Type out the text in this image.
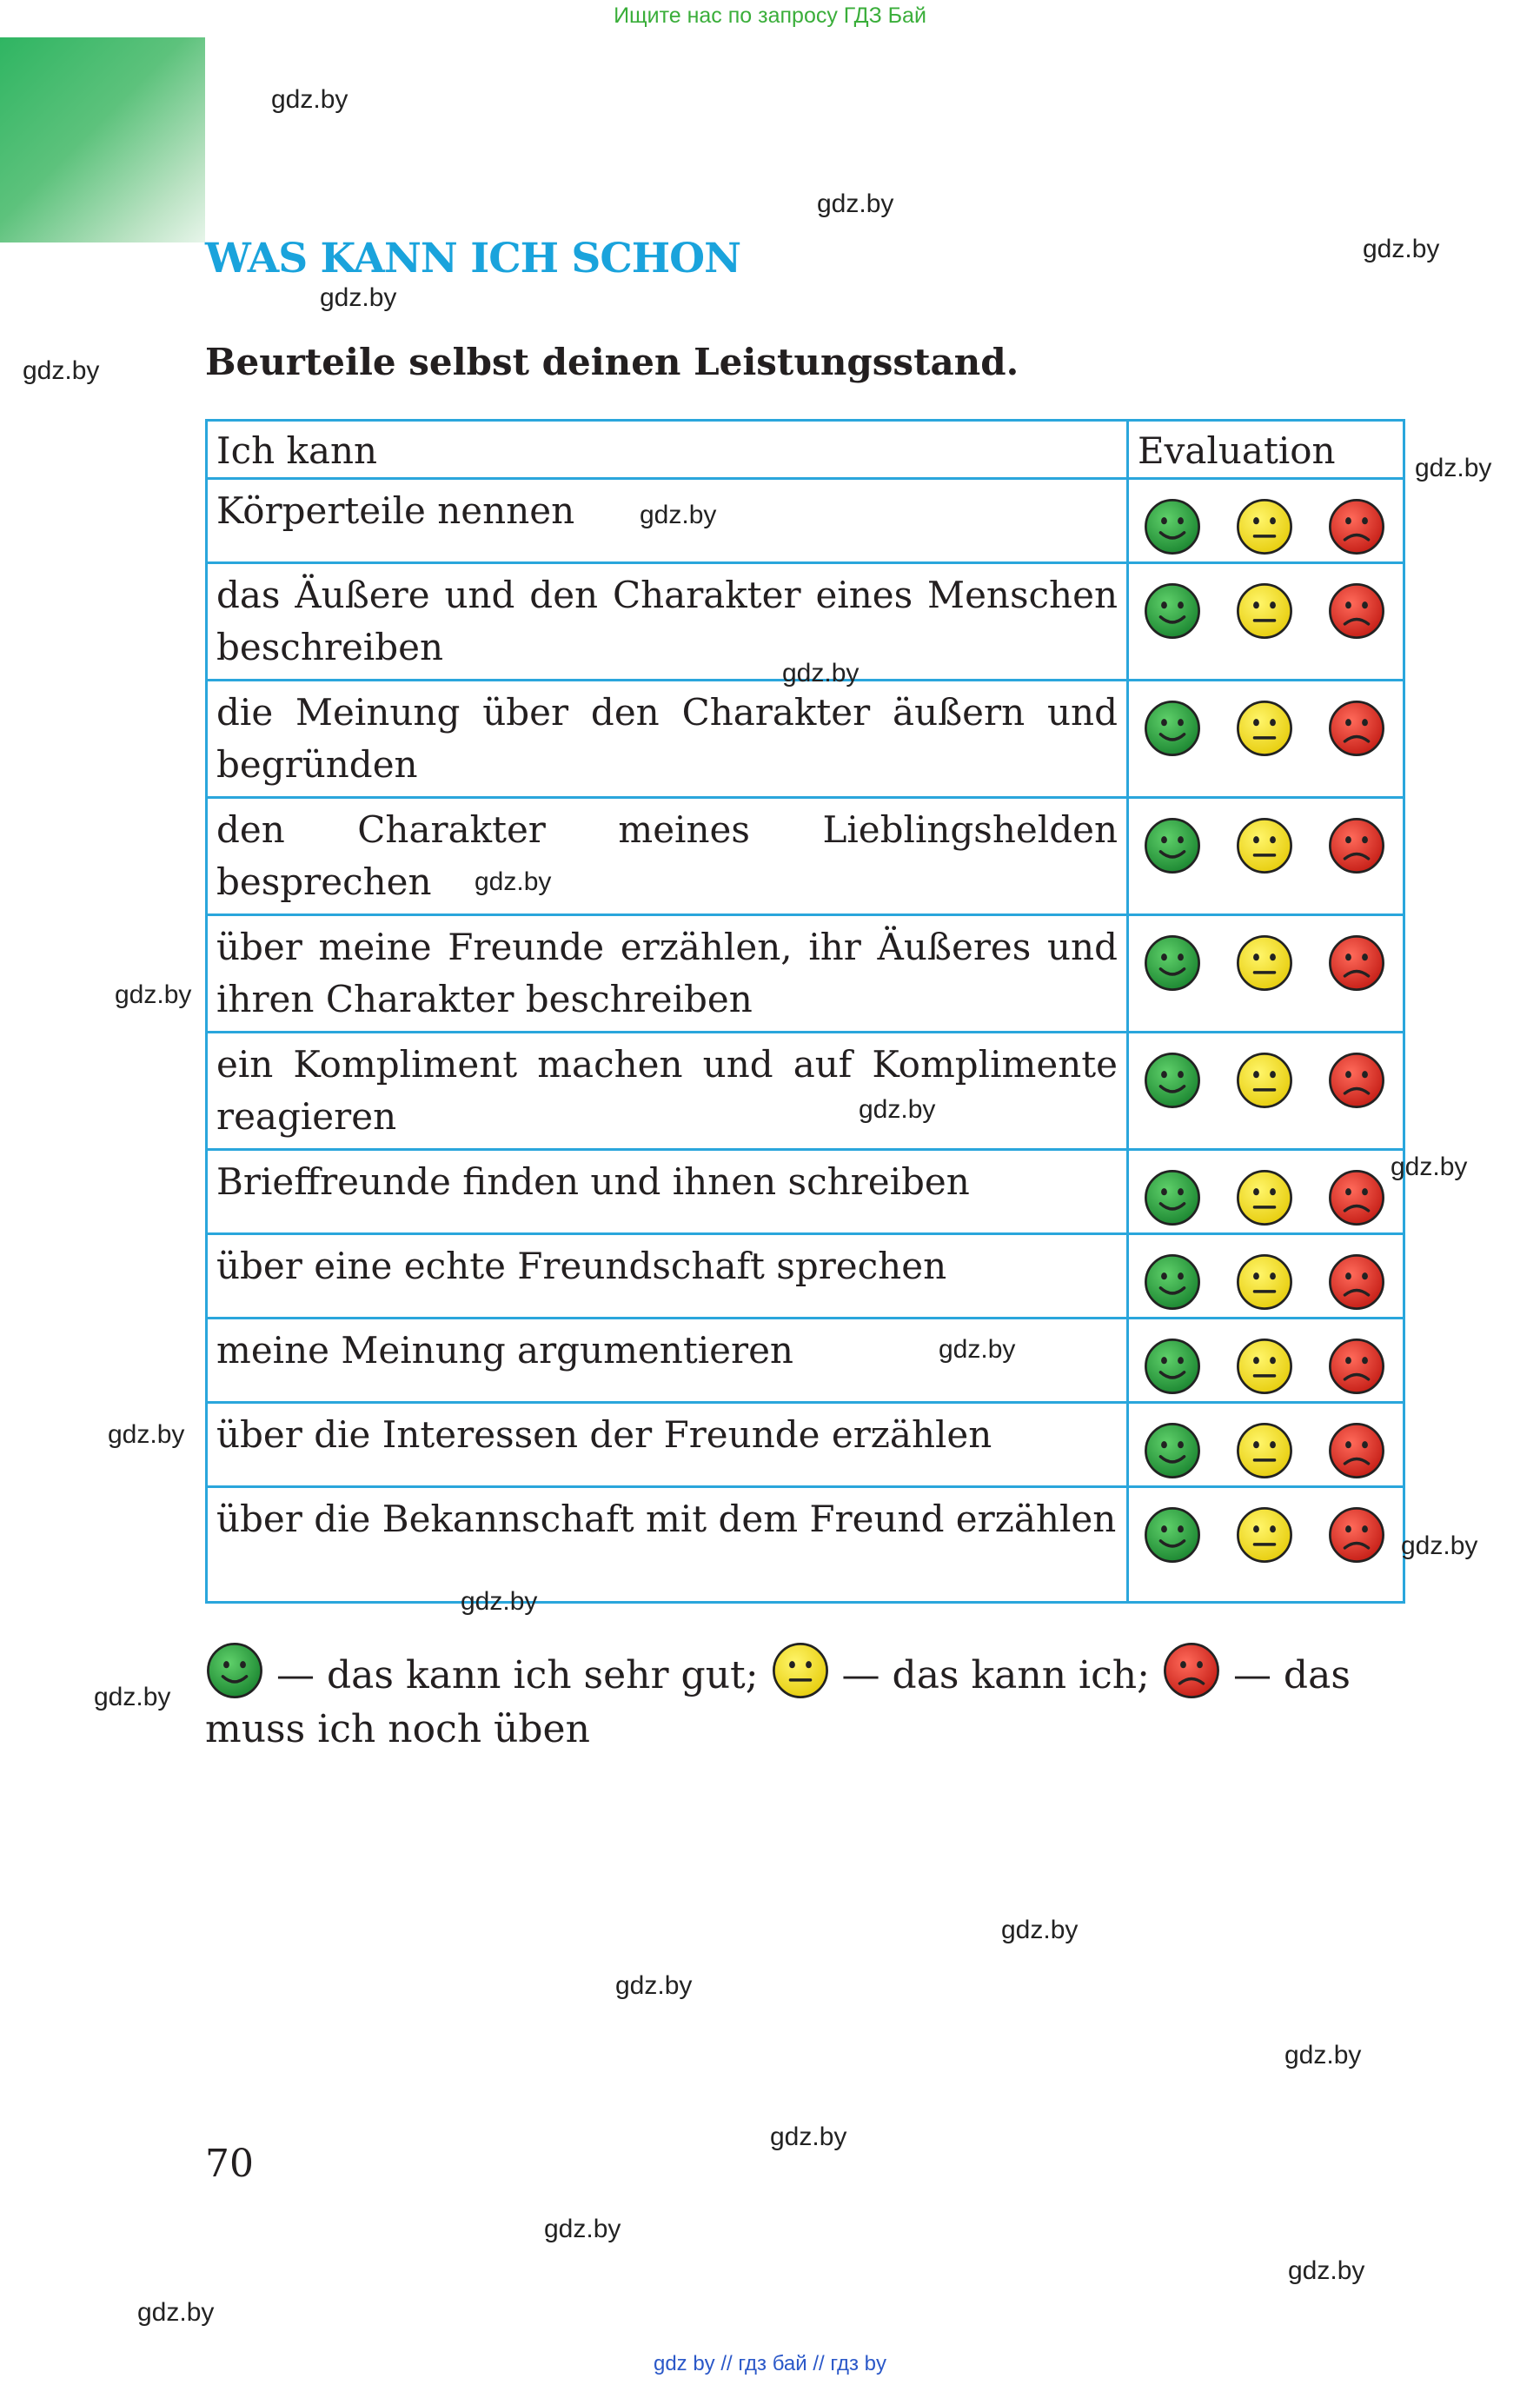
Ищите нас по запросу ГДЗ Бай
WAS KANN ICH SCHON
Beurteile selbst deinen Leistungsstand.
Ich kann	Evaluation
Körperteile nennen	

das Äußere und den Charakter eines Menschen beschreiben	

die Meinung über den Charakter äußern und begründen	

den Charakter meines Lieblingshelden besprechen	

über meine Freunde erzählen, ihr Äußeres und ihren Charakter beschreiben	

ein Kompliment machen und auf Komplimente reagieren	

Brieffreunde finden und ihnen schreiben	

über eine echte Freundschaft sprechen	

meine Meinung argumentieren	

über die Interessen der Freunde erzählen	

über die Bekannschaft mit dem Freund erzählen	
— das kann ich sehr gut; — das kann ich; — das muss ich noch üben
70
gdz.by
gdz.by
gdz.by
gdz.by
gdz.by
gdz.by
gdz.by
gdz.by
gdz.by
gdz.by
gdz.by
gdz.by
gdz.by
gdz.by
gdz.by
gdz.by
gdz.by
gdz.by
gdz.by
gdz.by
gdz.by
gdz.by
gdz.by
gdz.by
gdz by // гдз бай // гдз by
